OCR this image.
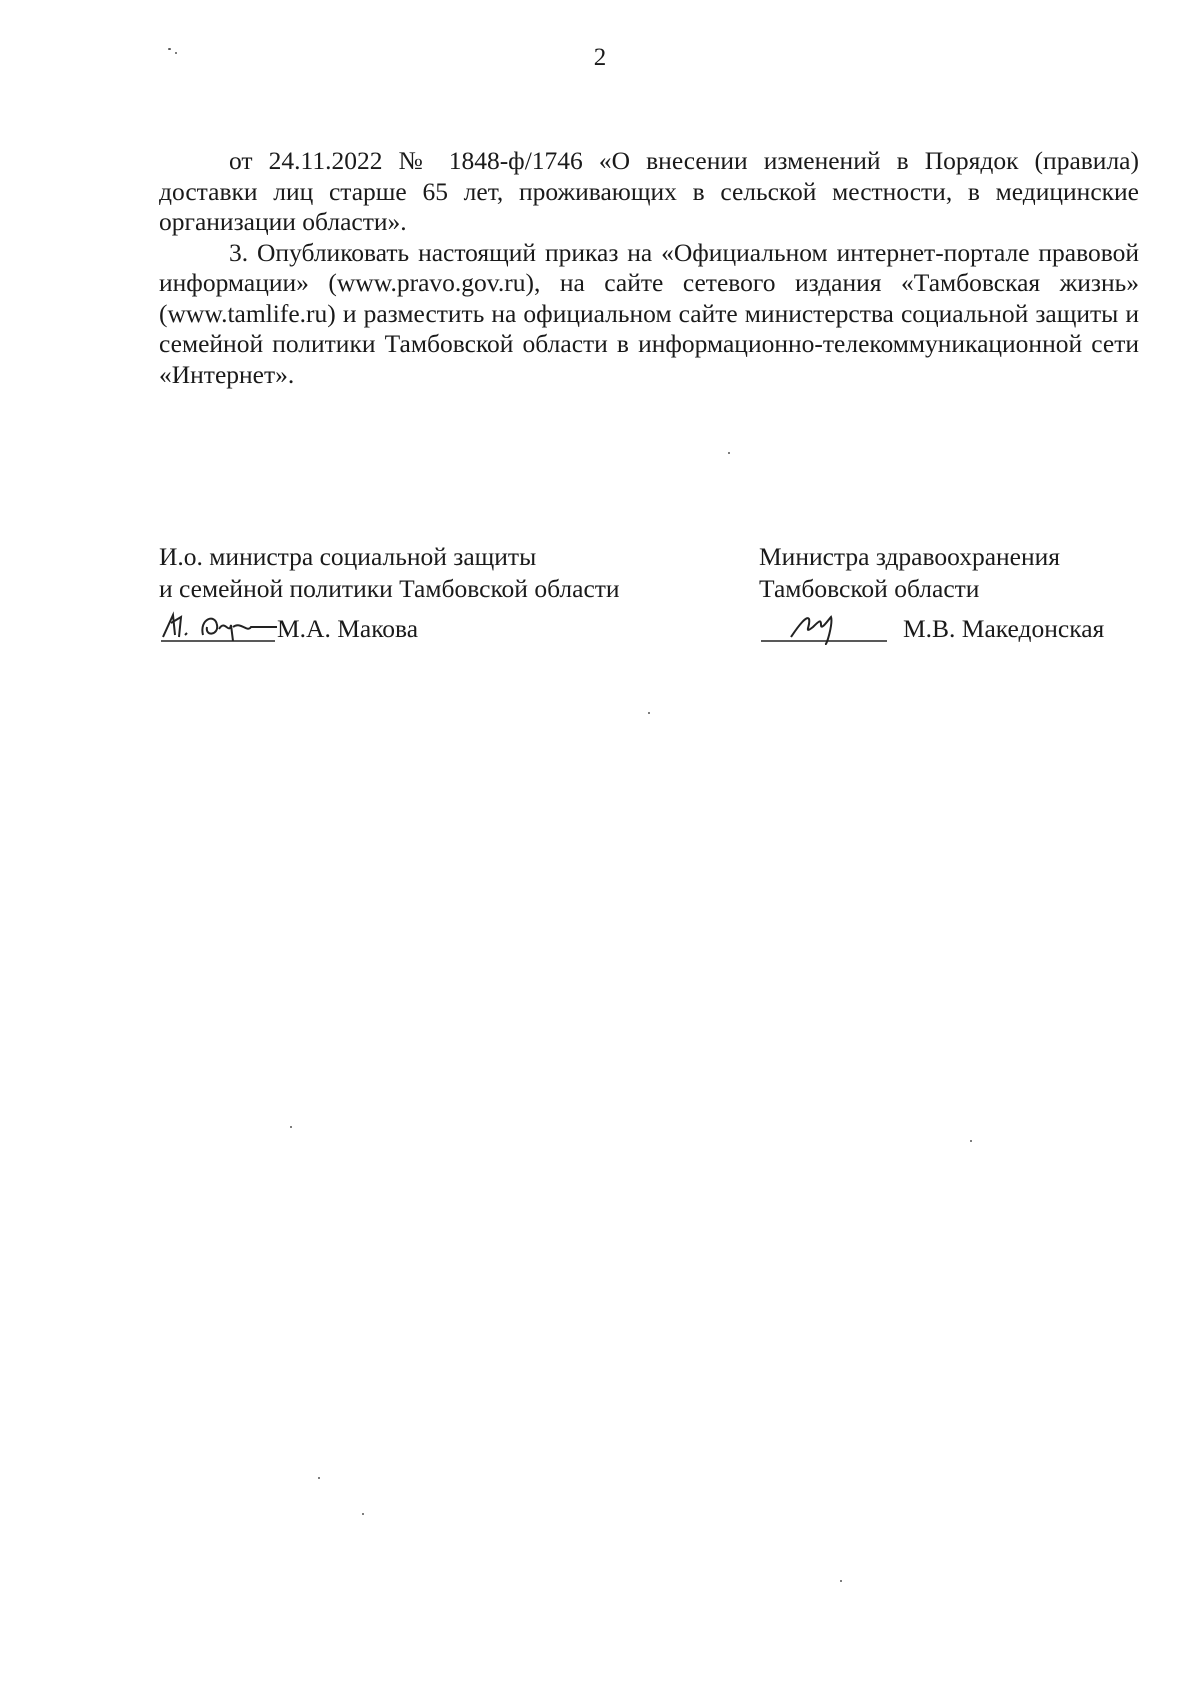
2

от 24.11.2022 № 1848-ф/1746 «О внесении изменений в Порядок (правила) доставки лиц старше 65 лет, проживающих в сельской местности, в медицинские организации области».

3. Опубликовать настоящий приказ на «Официальном интернет-портале правовой информации» (www.pravo.gov.ru), на сайте сетевого издания «Тамбовская жизнь» (www.tamlife.ru) и разместить на официальном сайте министерства социальной защиты и семейной политики Тамбовской области в информационно-телекоммуникационной сети «Интернет».

И.о. министра социальной защиты
и семейной политики Тамбовской области
М.А. Макова
Министра здравоохранения
Тамбовской области
М.В. Македонская
